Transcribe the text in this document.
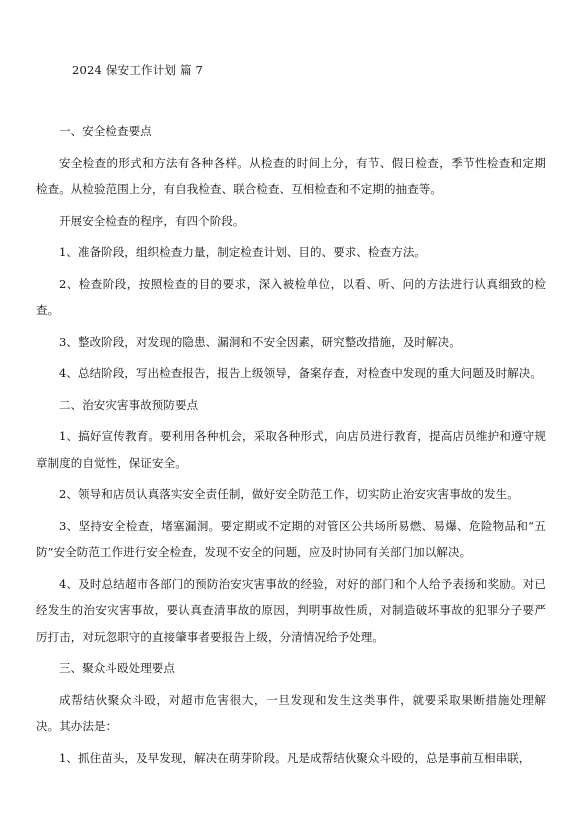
2024 保安工作计划 篇 7

一、安全检查要点

安全检查的形式和方法有各种各样。从检查的时间上分，有节、假日检查，季节性检查和定期检查。从检验范围上分，有自我检查、联合检查、互相检查和不定期的抽查等。

开展安全检查的程序，有四个阶段。

1、准备阶段，组织检查力量，制定检查计划、目的、要求、检查方法。

2、检查阶段，按照检查的目的要求，深入被检单位，以看、听、问的方法进行认真细致的检查。

3、整改阶段，对发现的隐患、漏洞和不安全因素，研究整改措施，及时解决。

4、总结阶段，写出检查报告，报告上级领导，备案存查，对检查中发现的重大问题及时解决。

二、治安灾害事故预防要点

1、搞好宣传教育。要利用各种机会，采取各种形式，向店员进行教育，提高店员维护和遵守规章制度的自觉性，保证安全。

2、领导和店员认真落实安全责任制，做好安全防范工作，切实防止治安灾害事故的发生。

3、坚持安全检查，堵塞漏洞。要定期或不定期的对管区公共场所易燃、易爆、危险物品和“五防”安全防范工作进行安全检查，发现不安全的问题，应及时协同有关部门加以解决。

4、及时总结超市各部门的预防治安灾害事故的经验，对好的部门和个人给予表扬和奖励。对已经发生的治安灾害事故，要认真查清事故的原因，判明事故性质，对制造破坏事故的犯罪分子要严厉打击，对玩忽职守的直接肇事者要报告上级，分清情况给予处理。

三、聚众斗殴处理要点

成帮结伙聚众斗殴，对超市危害很大，一旦发现和发生这类事件，就要采取果断措施处理解决。其办法是：

1、抓住苗头，及早发现，解决在萌芽阶段。凡是成帮结伙聚众斗殴的，总是事前互相串联，
